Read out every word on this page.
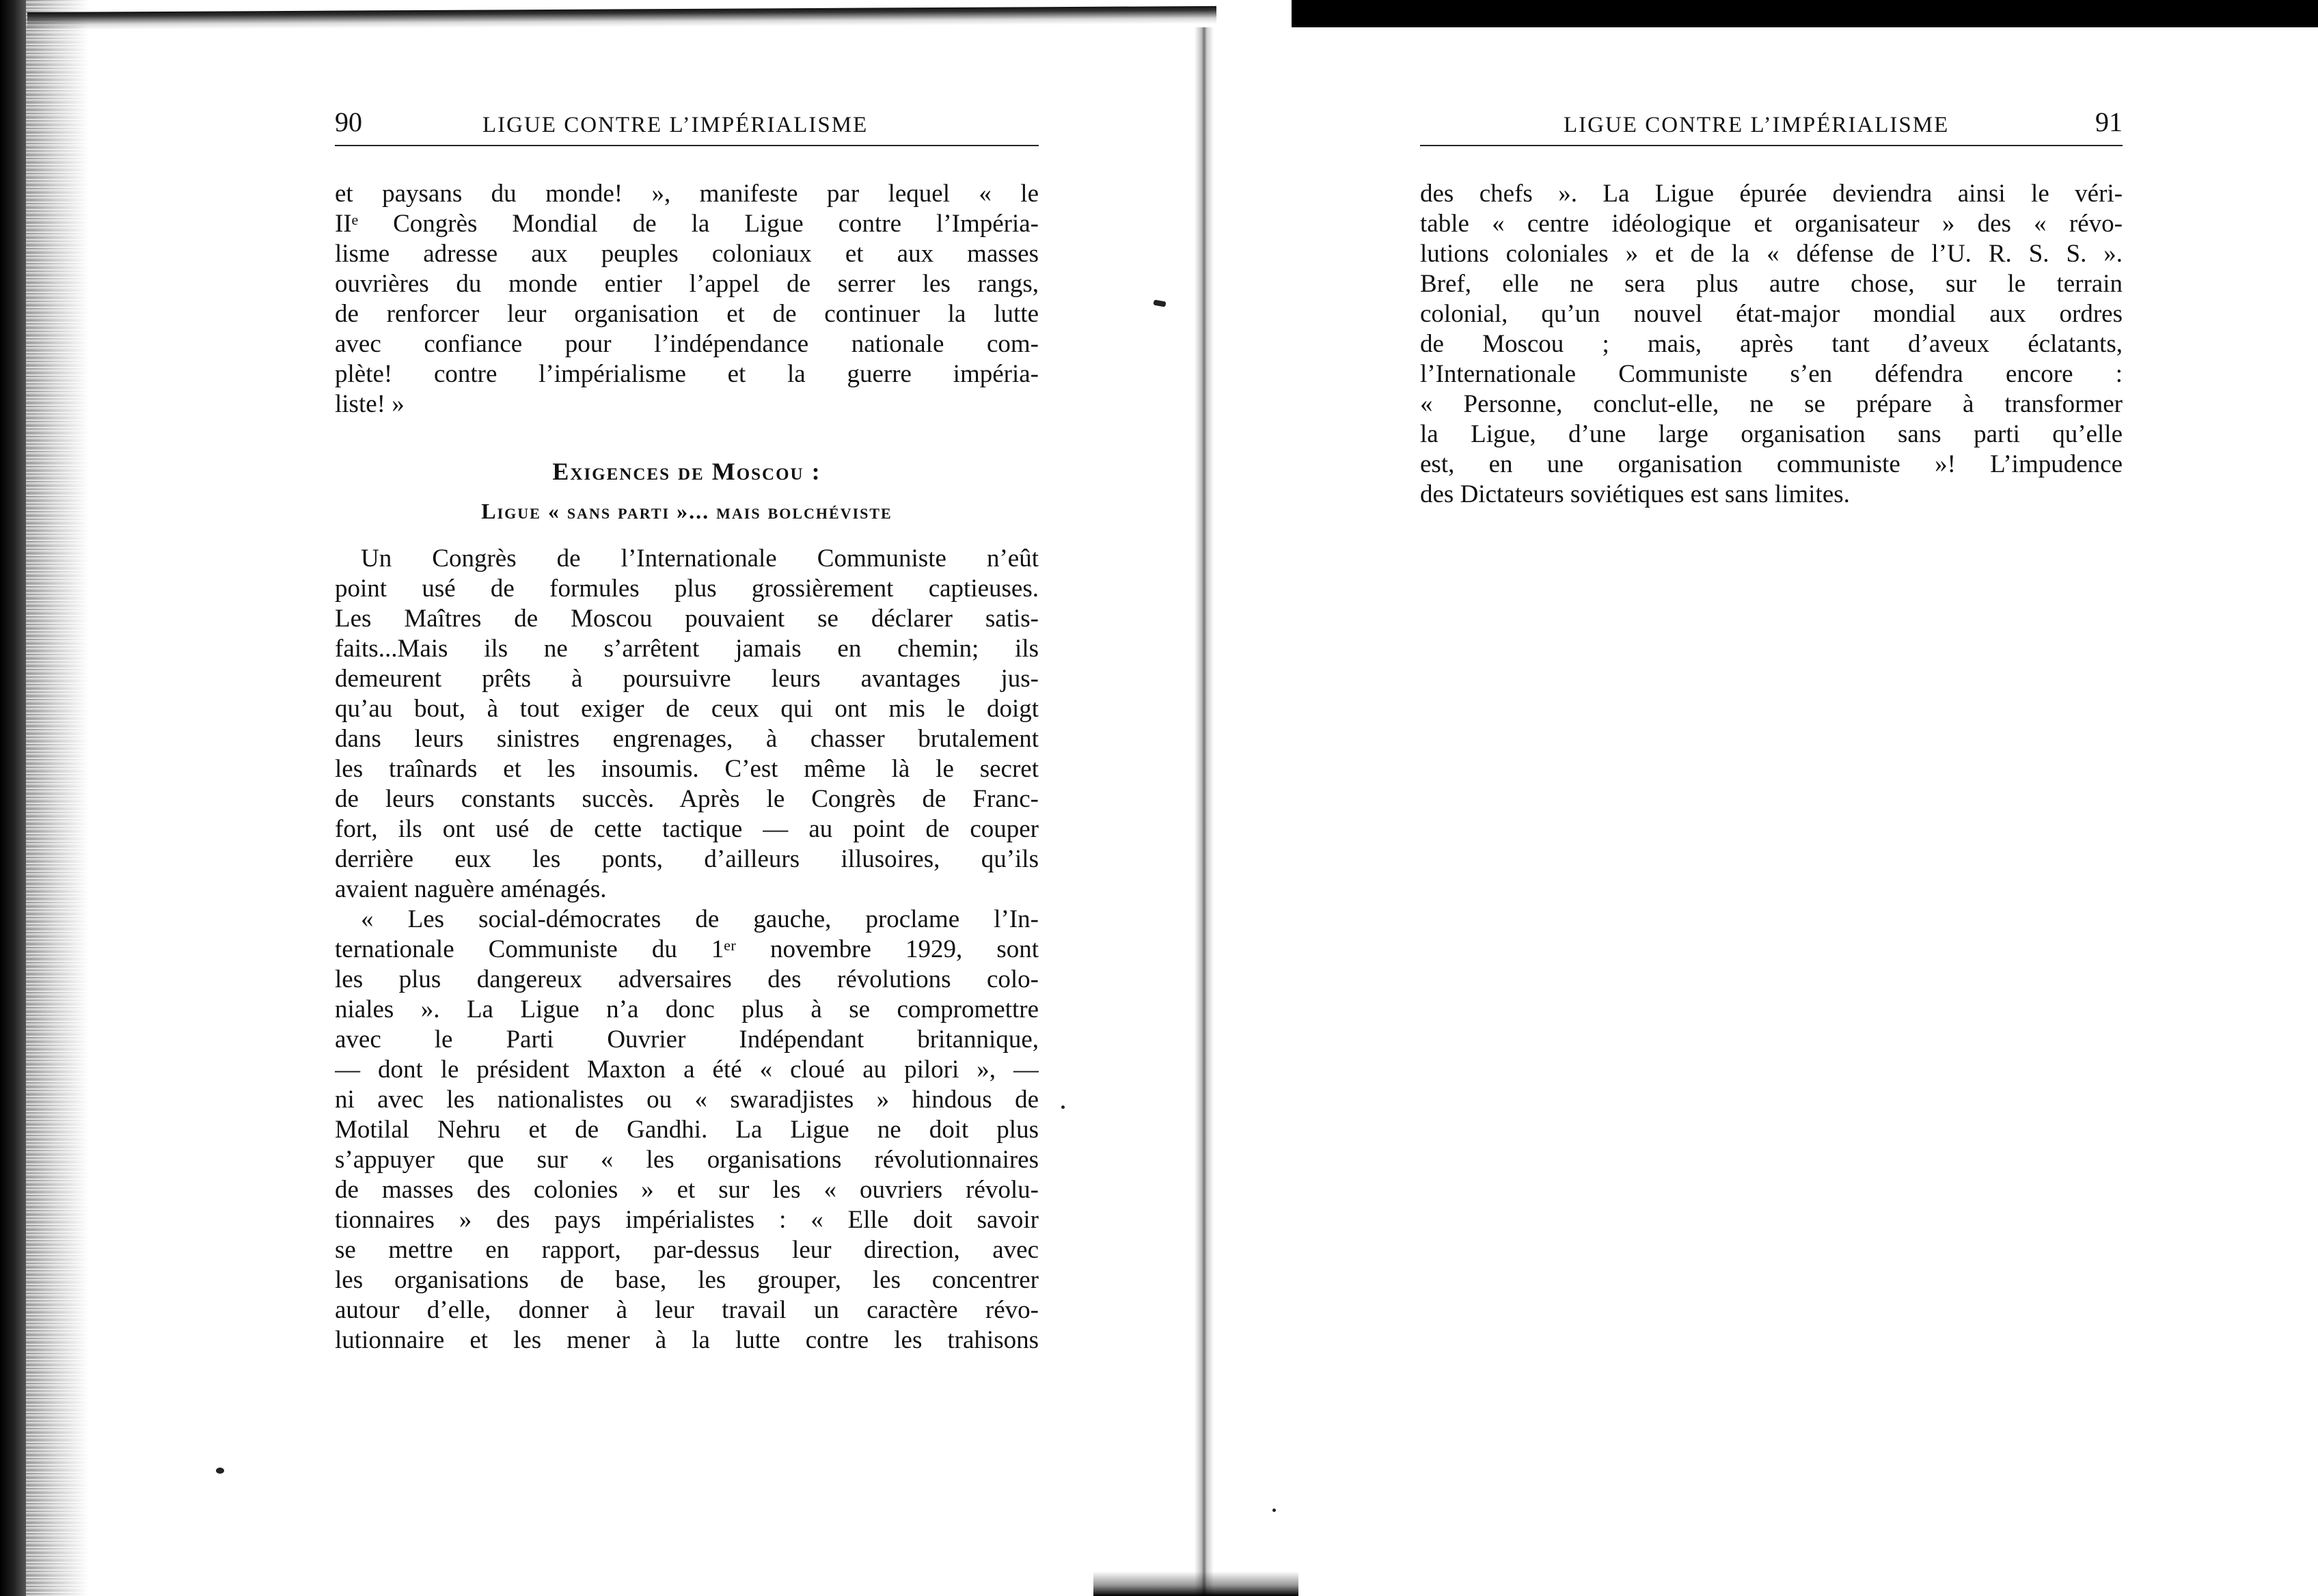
90	LIGUE CONTRE L’IMPÉRIALISME
et paysans du monde! », manifeste par lequel « le
IIᵉ Congrès Mondial de la Ligue contre l’Impéria-
lisme adresse aux peuples coloniaux et aux masses
ouvrières du monde entier l’appel de serrer les rangs,
de renforcer leur organisation et de continuer la lutte
avec confiance pour l’indépendance nationale com-
plète! contre l’impérialisme et la guerre impéria-
liste! »
Exigences de Moscou :
Ligue « sans parti »... mais bolchéviste
Un Congrès de l’Internationale Communiste n’eût
point usé de formules plus grossièrement captieuses.
Les Maîtres de Moscou pouvaient se déclarer satis-
faits...Mais ils ne s’arrêtent jamais en chemin; ils
demeurent prêts à poursuivre leurs avantages jus-
qu’au bout, à tout exiger de ceux qui ont mis le doigt
dans leurs sinistres engrenages, à chasser brutalement
les traînards et les insoumis. C’est même là le secret
de leurs constants succès. Après le Congrès de Franc-
fort, ils ont usé de cette tactique — au point de couper
derrière eux les ponts, d’ailleurs illusoires, qu’ils
avaient naguère aménagés.
« Les social-démocrates de gauche, proclame l’In-
ternationale Communiste du 1ᵉʳ novembre 1929, sont
les plus dangereux adversaires des révolutions colo-
niales ». La Ligue n’a donc plus à se compromettre
avec le Parti Ouvrier Indépendant britannique,
— dont le président Maxton a été « cloué au pilori », —
ni avec les nationalistes ou « swaradjistes » hindous de
Motilal Nehru et de Gandhi. La Ligue ne doit plus
s’appuyer que sur « les organisations révolutionnaires
de masses des colonies » et sur les « ouvriers révolu-
tionnaires » des pays impérialistes : « Elle doit savoir
se mettre en rapport, par-dessus leur direction, avec
les organisations de base, les grouper, les concentrer
autour d’elle, donner à leur travail un caractère révo-
lutionnaire et les mener à la lutte contre les trahisons
LIGUE CONTRE L’IMPÉRIALISME	91
des chefs ». La Ligue épurée deviendra ainsi le véri-
table « centre idéologique et organisateur » des « révo-
lutions coloniales » et de la « défense de l’U. R. S. S. ».
Bref, elle ne sera plus autre chose, sur le terrain
colonial, qu’un nouvel état-major mondial aux ordres
de Moscou ; mais, après tant d’aveux éclatants,
l’Internationale Communiste s’en défendra encore :
« Personne, conclut-elle, ne se prépare à transformer
la Ligue, d’une large organisation sans parti qu’elle
est, en une organisation communiste »! L’impudence
des Dictateurs soviétiques est sans limites.
